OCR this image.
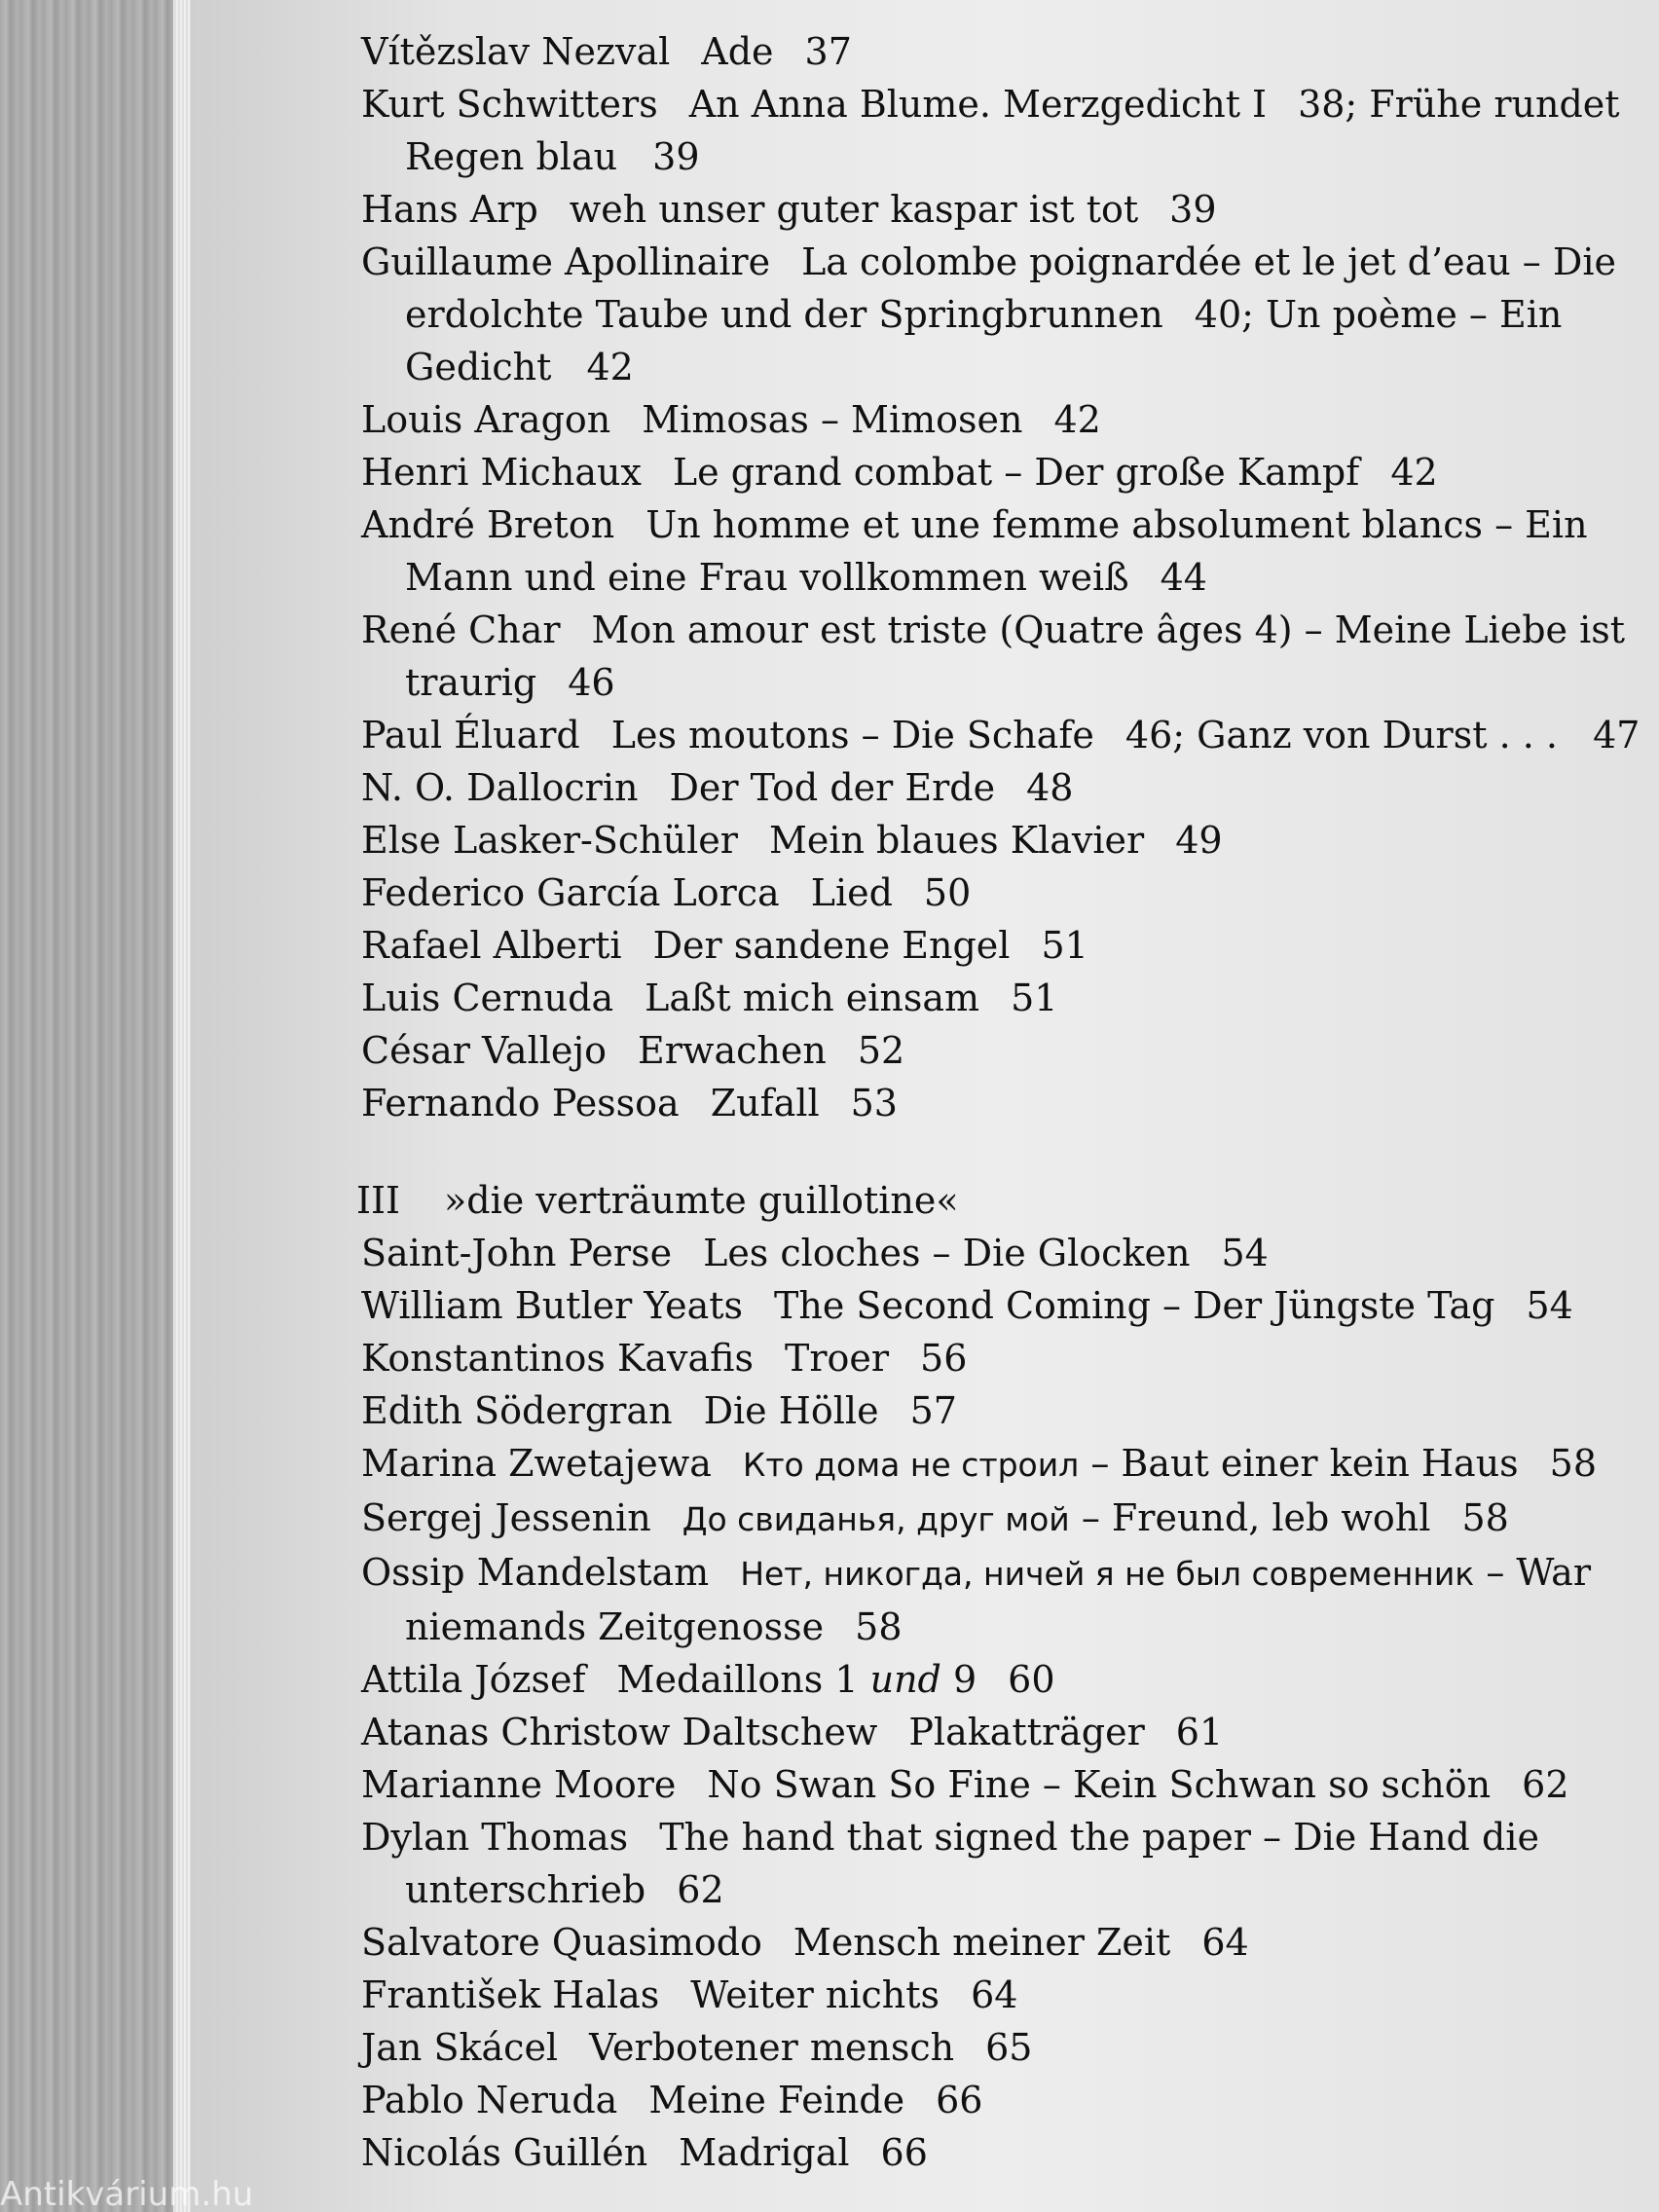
Vítězslav Nezval Ade 37

Kurt Schwitters An Anna Blume. Merzgedicht I 38; Frühe rundet Regen blau 39

Hans Arp weh unser guter kaspar ist tot 39

Guillaume Apollinaire La colombe poignardée et le jet d’eau – Die erdolchte Taube und der Springbrunnen 40; Un poème – Ein Gedicht 42

Louis Aragon Mimosas – Mimosen 42

Henri Michaux Le grand combat – Der große Kampf 42

André Breton Un homme et une femme absolument blancs – Ein Mann und eine Frau vollkommen weiß 44

René Char Mon amour est triste (Quatre âges 4) – Meine Liebe ist traurig 46

Paul Éluard Les moutons – Die Schafe 46; Ganz von Durst . . . 47

N. O. Dallocrin Der Tod der Erde 48

Else Lasker-Schüler Mein blaues Klavier 49

Federico García Lorca Lied 50

Rafael Alberti Der sandene Engel 51

Luis Cernuda Laßt mich einsam 51

César Vallejo Erwachen 52

Fernando Pessoa Zufall 53

III »die verträumte guillotine«

Saint-John Perse Les cloches – Die Glocken 54

William Butler Yeats The Second Coming – Der Jüngste Tag 54

Konstantinos Kavafis Troer 56

Edith Södergran Die Hölle 57

Marina Zwetajewa Кто дома не строил – Baut einer kein Haus 58

Sergej Jessenin До свиданья, друг мой – Freund, leb wohl 58

Ossip Mandelstam Нет, никогда, ничей я не был современник – War niemands Zeitgenosse 58

Attila József Medaillons 1 und 9 60

Atanas Christow Daltschew Plakatträger 61

Marianne Moore No Swan So Fine – Kein Schwan so schön 62

Dylan Thomas The hand that signed the paper – Die Hand die unterschrieb 62

Salvatore Quasimodo Mensch meiner Zeit 64

František Halas Weiter nichts 64

Jan Skácel Verbotener mensch 65

Pablo Neruda Meine Feinde 66

Nicolás Guillén Madrigal 66

Antikvárium.hu
